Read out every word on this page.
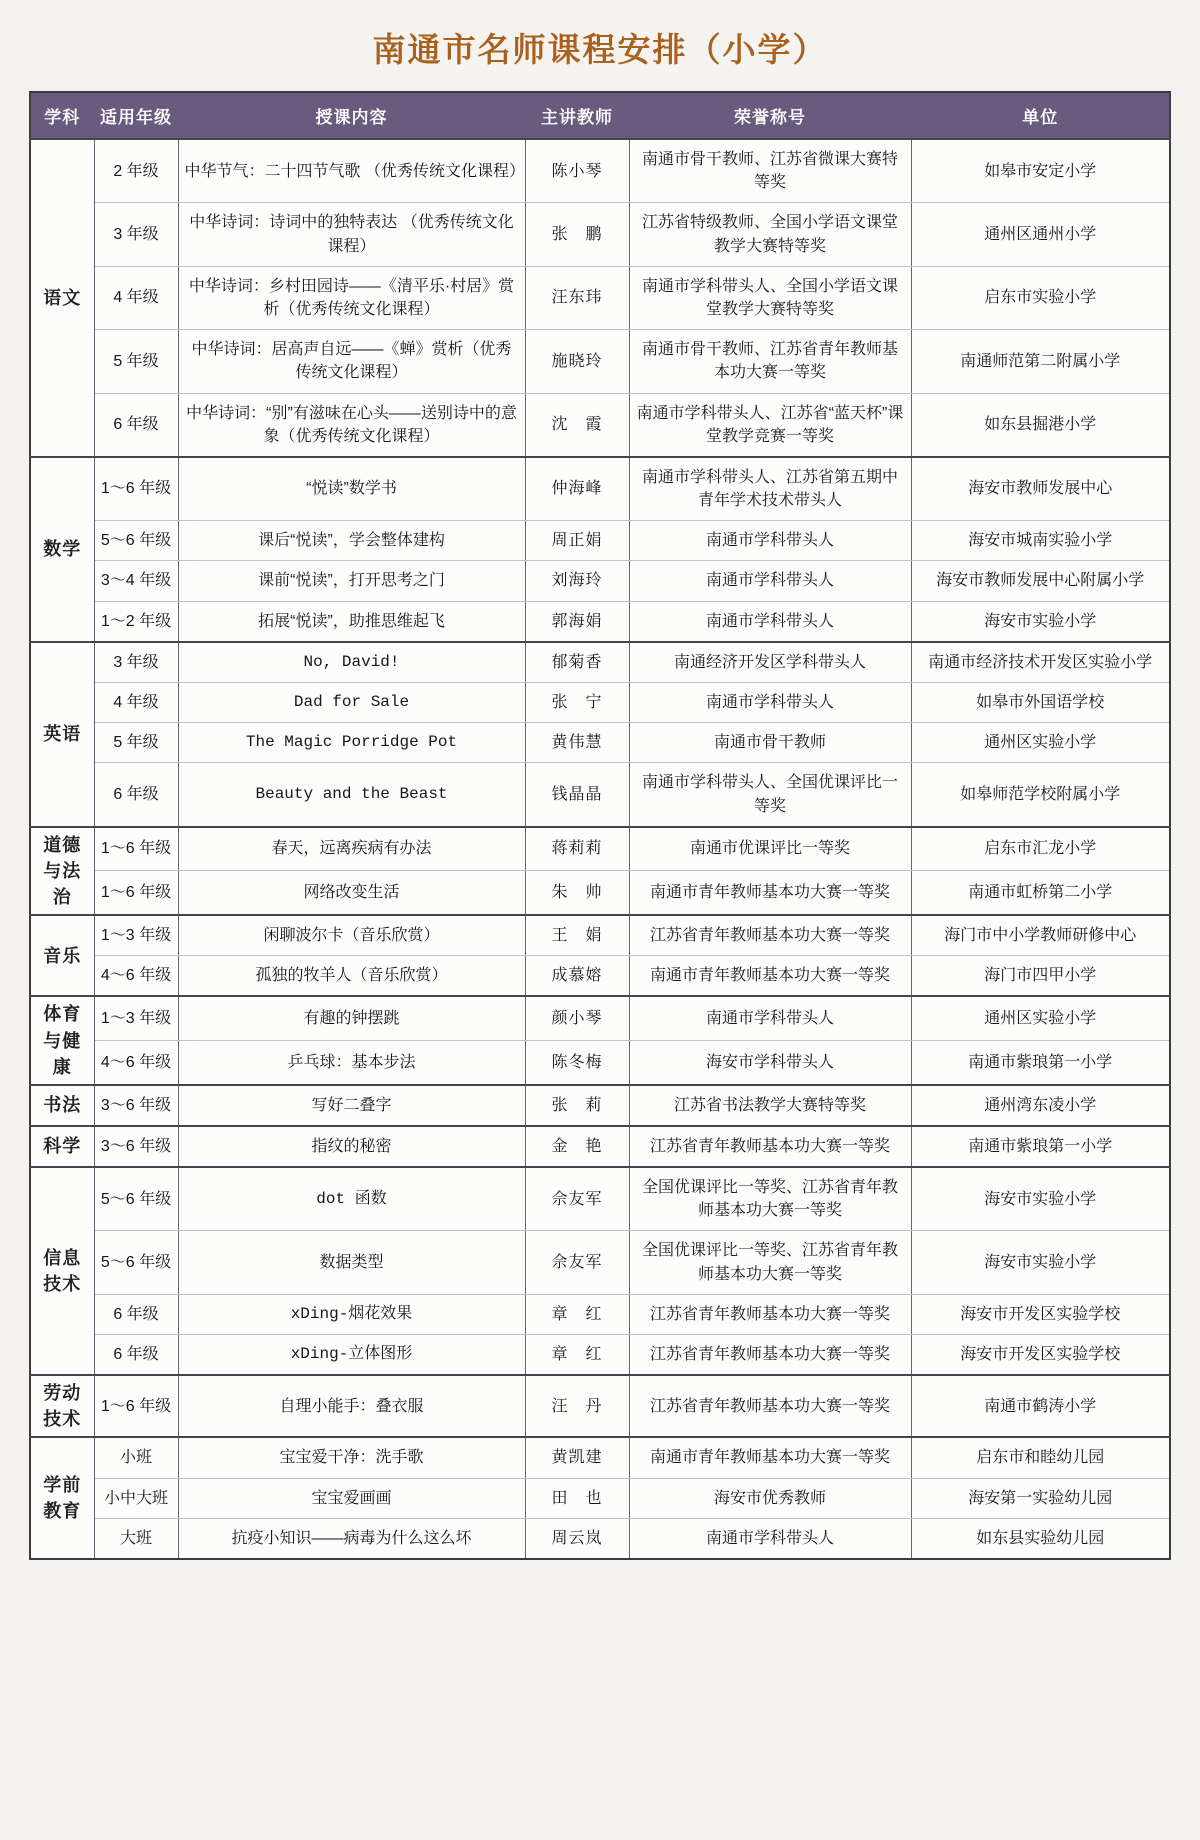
南通市名师课程安排（小学）
学科	适用年级	授课内容	主讲教师	荣誉称号	单位
语文	2 年级	中华节气：二十四节气歌 （优秀传统文化课程）	陈小琴	南通市骨干教师、江苏省微课大赛特等奖	如皋市安定小学
	3 年级	中华诗词：诗词中的独特表达 （优秀传统文化课程）	张　鹏	江苏省特级教师、全国小学语文课堂教学大赛特等奖	通州区通州小学
	4 年级	中华诗词：乡村田园诗——《清平乐·村居》赏析（优秀传统文化课程）	汪东玮	南通市学科带头人、全国小学语文课堂教学大赛特等奖	启东市实验小学
	5 年级	中华诗词：居高声自远——《蝉》赏析（优秀传统文化课程）	施晓玲	南通市骨干教师、江苏省青年教师基本功大赛一等奖	南通师范第二附属小学
	6 年级	中华诗词：“别”有滋味在心头——送别诗中的意象（优秀传统文化课程）	沈　霞	南通市学科带头人、江苏省“蓝天杯”课堂教学竞赛一等奖	如东县掘港小学
数学	1～6 年级	“悦读”数学书	仲海峰	南通市学科带头人、江苏省第五期中青年学术技术带头人	海安市教师发展中心
	5～6 年级	课后“悦读”，学会整体建构	周正娟	南通市学科带头人	海安市城南实验小学
	3～4 年级	课前“悦读”，打开思考之门	刘海玲	南通市学科带头人	海安市教师发展中心附属小学
	1～2 年级	拓展“悦读”，助推思维起飞	郭海娟	南通市学科带头人	海安市实验小学
英语	3 年级	No, David!	郁菊香	南通经济开发区学科带头人	南通市经济技术开发区实验小学
	4 年级	Dad for Sale	张　宁	南通市学科带头人	如皋市外国语学校
	5 年级	The Magic Porridge Pot	黄伟慧	南通市骨干教师	通州区实验小学
	6 年级	Beauty and the Beast	钱晶晶	南通市学科带头人、全国优课评比一等奖	如皋师范学校附属小学
道德与法治	1～6 年级	春天，远离疾病有办法	蒋莉莉	南通市优课评比一等奖	启东市汇龙小学
	1～6 年级	网络改变生活	朱　帅	南通市青年教师基本功大赛一等奖	南通市虹桥第二小学
音乐	1～3 年级	闲聊波尔卡（音乐欣赏）	王　娟	江苏省青年教师基本功大赛一等奖	海门市中小学教师研修中心
	4～6 年级	孤独的牧羊人（音乐欣赏）	成慕嫆	南通市青年教师基本功大赛一等奖	海门市四甲小学
体育与健康	1～3 年级	有趣的钟摆跳	颜小琴	南通市学科带头人	通州区实验小学
	4～6 年级	乒乓球：基本步法	陈冬梅	海安市学科带头人	南通市紫琅第一小学
书法	3～6 年级	写好二叠字	张　莉	江苏省书法教学大赛特等奖	通州湾东凌小学
科学	3～6 年级	指纹的秘密	金　艳	江苏省青年教师基本功大赛一等奖	南通市紫琅第一小学
信息技术	5～6 年级	dot 函数	佘友军	全国优课评比一等奖、江苏省青年教师基本功大赛一等奖	海安市实验小学
	5～6 年级	数据类型	佘友军	全国优课评比一等奖、江苏省青年教师基本功大赛一等奖	海安市实验小学
	6 年级	xDing-烟花效果	章　红	江苏省青年教师基本功大赛一等奖	海安市开发区实验学校
	6 年级	xDing-立体图形	章　红	江苏省青年教师基本功大赛一等奖	海安市开发区实验学校
劳动技术	1～6 年级	自理小能手：叠衣服	汪　丹	江苏省青年教师基本功大赛一等奖	南通市鹤涛小学
学前教育	小班	宝宝爱干净：洗手歌	黄凯建	南通市青年教师基本功大赛一等奖	启东市和睦幼儿园
	小中大班	宝宝爱画画	田　也	海安市优秀教师	海安第一实验幼儿园
	大班	抗疫小知识——病毒为什么这么坏	周云岚	南通市学科带头人	如东县实验幼儿园
